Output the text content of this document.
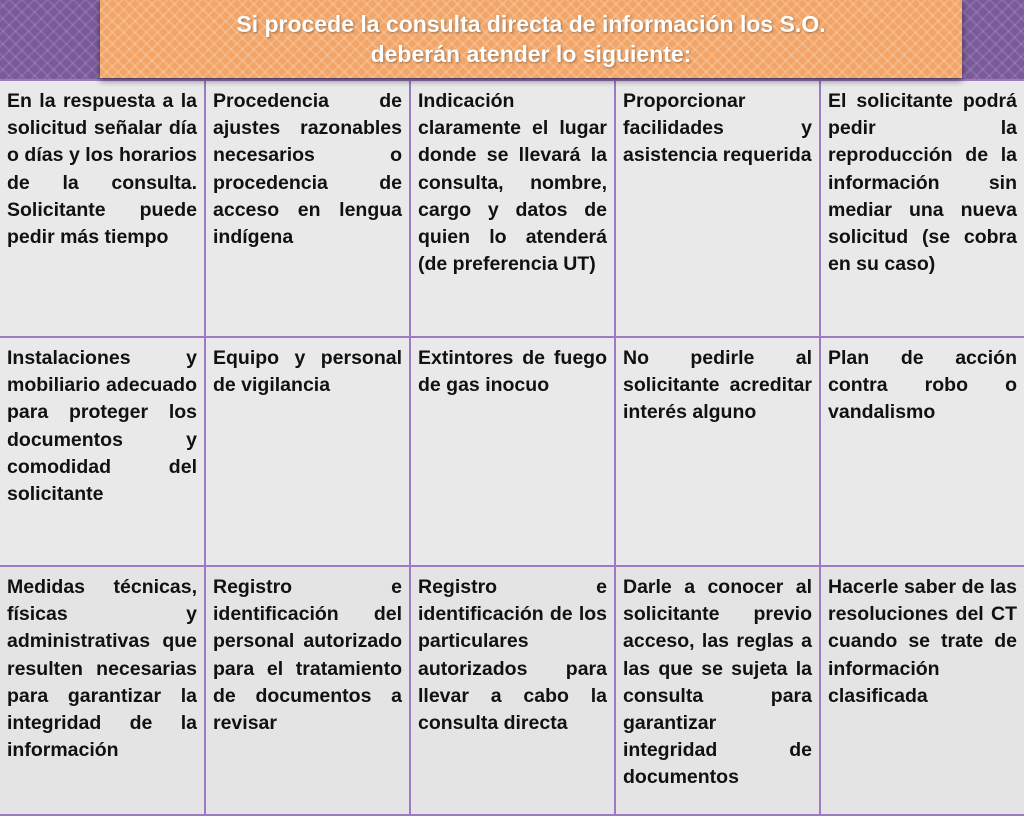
Si procede la consulta directa de información los S.O.
deberán atender lo siguiente:
En la respuesta a la solicitud señalar día o días y los horarios de la consulta. Solicitante puede pedir más tiempo	Procedencia de ajustes razonables necesarios o procedencia de acceso en lengua indígena	Indicación claramente el lugar donde se llevará la consulta, nombre, cargo y datos de quien lo atenderá (de preferencia UT)	Proporcionar facilidades y asistencia requerida	El solicitante podrá pedir la reproducción de la información sin mediar una nueva solicitud (se cobra en su caso)
Instalaciones y mobiliario adecuado para proteger los documentos y comodidad del solicitante	Equipo y personal de vigilancia	Extintores de fuego de gas inocuo	No pedirle al solicitante acreditar interés alguno	Plan de acción contra robo o vandalismo
Medidas técnicas, físicas y administrativas que resulten necesarias para garantizar la integridad de la información	Registro e identificación del personal autorizado para el tratamiento de documentos a revisar	Registro e identificación de los particulares autorizados para llevar a cabo la consulta directa	Darle a conocer al solicitante previo acceso, las reglas a las que se sujeta la consulta para garantizar integridad de documentos	Hacerle saber de las resoluciones del CT cuando se trate de información clasificada
